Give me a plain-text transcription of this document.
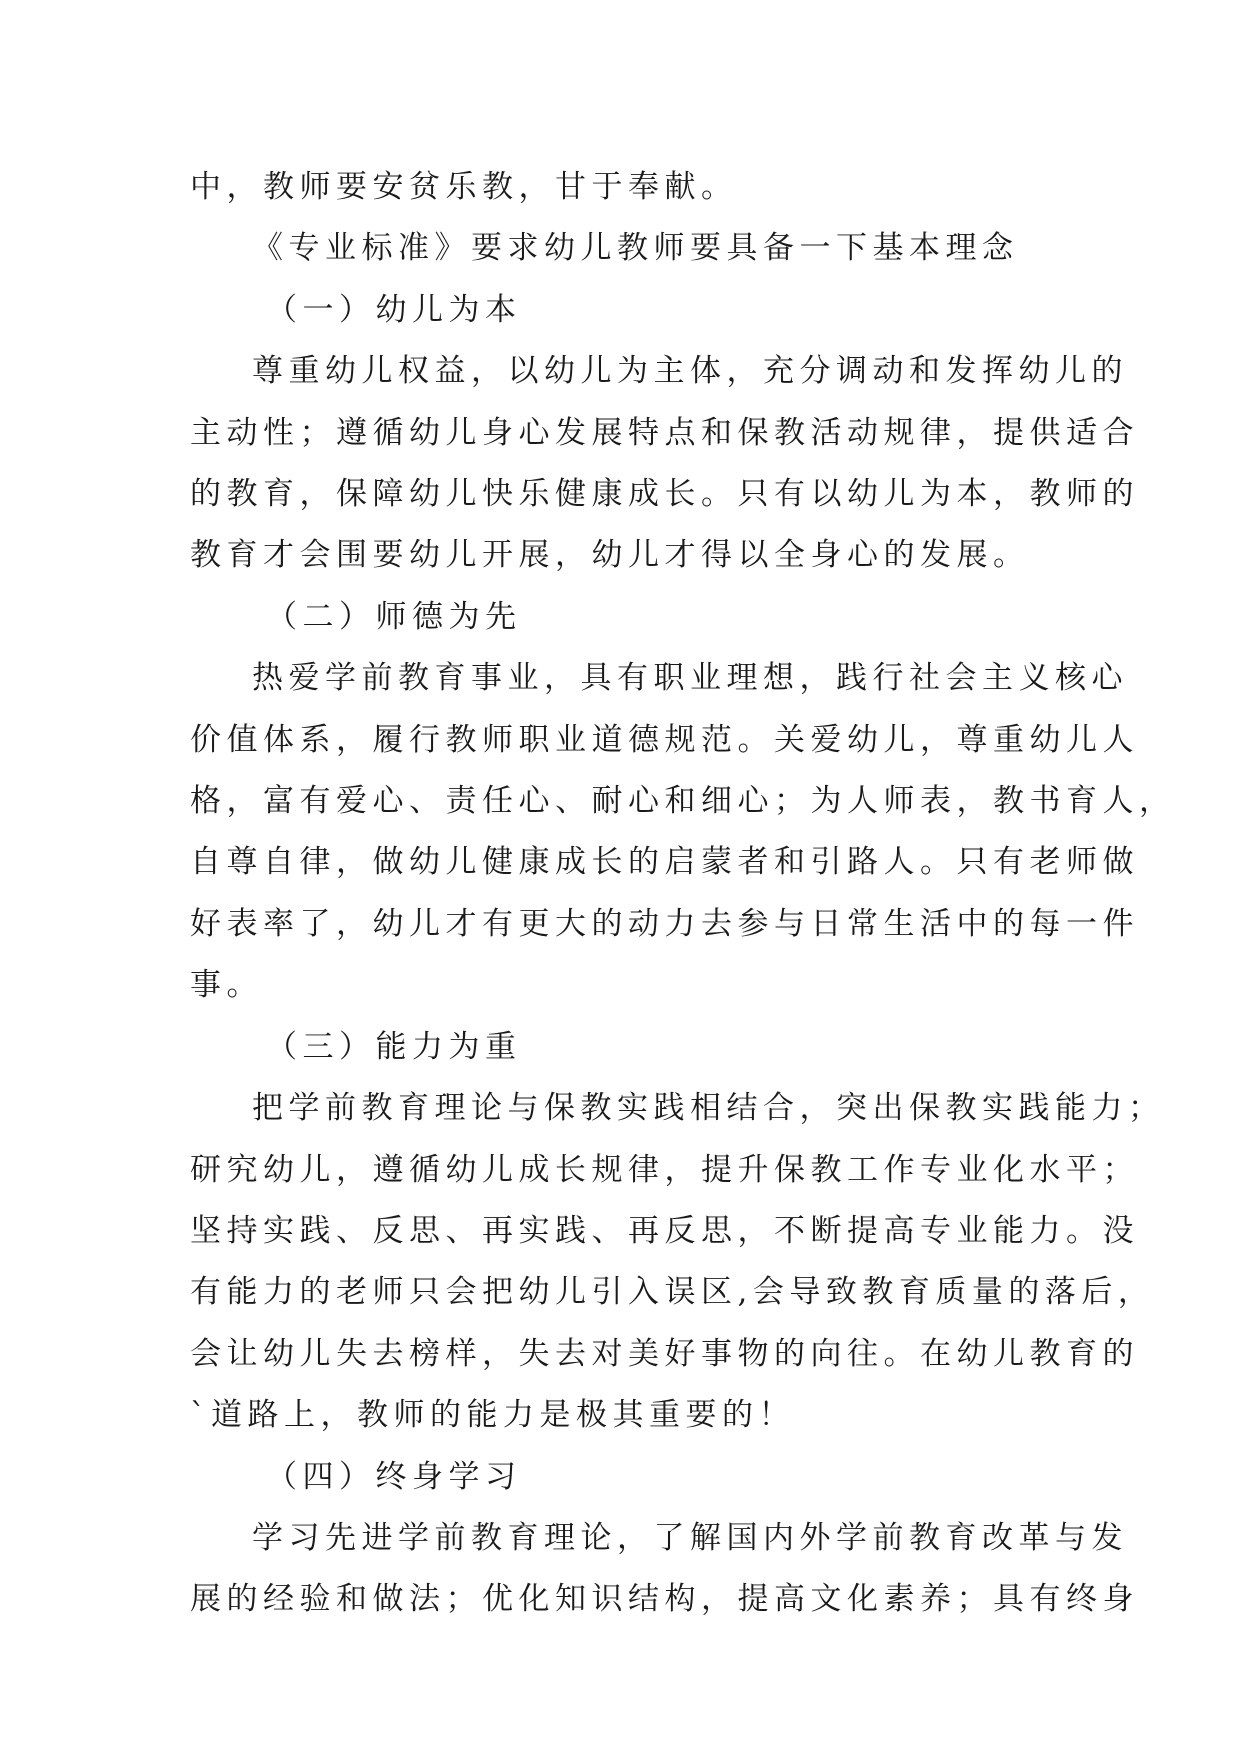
中，教师要安贫乐教，甘于奉献。

《专业标准》要求幼儿教师要具备一下基本理念

（一）幼儿为本

尊重幼儿权益，以幼儿为主体，充分调动和发挥幼儿的

主动性；遵循幼儿身心发展特点和保教活动规律，提供适合

的教育，保障幼儿快乐健康成长。只有以幼儿为本，教师的

教育才会围要幼儿开展，幼儿才得以全身心的发展。

（二）师德为先

热爱学前教育事业，具有职业理想，践行社会主义核心

价值体系，履行教师职业道德规范。关爱幼儿，尊重幼儿人

格，富有爱心、责任心、耐心和细心；为人师表，教书育人，

自尊自律，做幼儿健康成长的启蒙者和引路人。只有老师做

好表率了，幼儿才有更大的动力去参与日常生活中的每一件

事。

（三）能力为重

把学前教育理论与保教实践相结合，突出保教实践能力；

研究幼儿，遵循幼儿成长规律，提升保教工作专业化水平；

坚持实践、反思、再实践、再反思，不断提高专业能力。没

有能力的老师只会把幼儿引入误区,会导致教育质量的落后，

会让幼儿失去榜样，失去对美好事物的向往。在幼儿教育的

`道路上，教师的能力是极其重要的！

（四）终身学习

学习先进学前教育理论，了解国内外学前教育改革与发

展的经验和做法；优化知识结构，提高文化素养；具有终身
